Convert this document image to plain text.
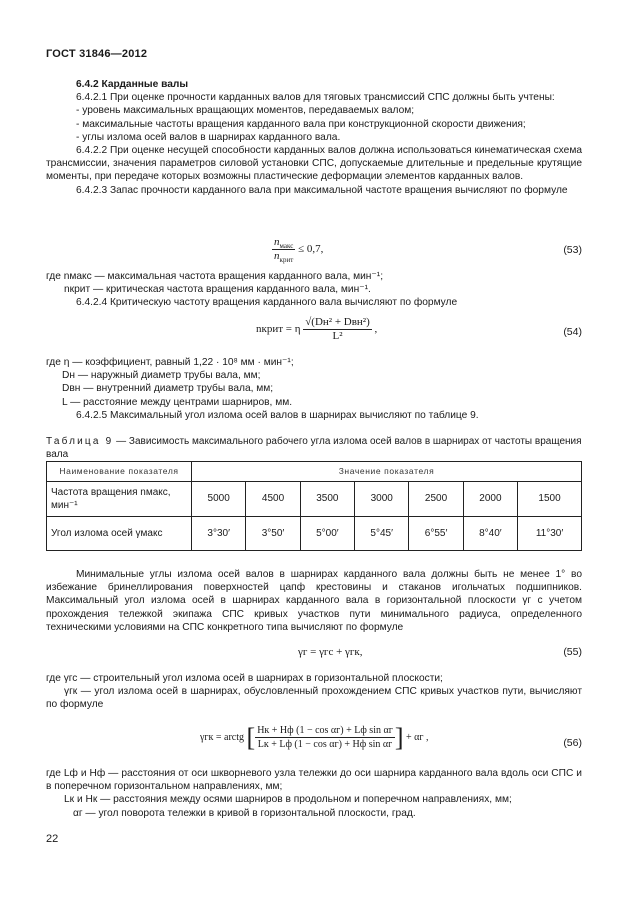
ГОСТ 31846—2012

6.4.2 Карданные валы

6.4.2.1 При оценке прочности карданных валов для тяговых трансмиссий СПС должны быть учтены:

- уровень максимальных вращающих моментов, передаваемых валом;

- максимальные частоты вращения карданного вала при конструкционной скорости движения;

- углы излома осей валов в шарнирах карданного вала.

6.4.2.2 При оценке несущей способности карданных валов должна использоваться кинематическая схема трансмиссии, значения параметров силовой установки СПС, допускаемые длительные и предельные крутящие моменты, при передаче которых возможны пластические деформации элементов карданных валов.

6.4.2.3 Запас прочности карданного вала при максимальной частоте вращения вычисляют по формуле

$\frac{n_{макс}}{n_{крит}} \le 0,7$,	(53)

где nмакс — максимальная частота вращения карданного вала, мин⁻¹;

nкрит — критическая частота вращения карданного вала, мин⁻¹.

6.4.2.4 Критическую частоту вращения карданного вала вычисляют по формуле

nкрит = η $\frac{\text{√(Dн² + Dвн²)}}{\text{L²}}$ ,	(54)

где η — коэффициент, равный 1,22 · 10⁸ мм · мин⁻¹;

Dн — наружный диаметр трубы вала, мм;

Dвн — внутренний диаметр трубы вала, мм;

L — расстояние между центрами шарниров, мм.

6.4.2.5 Максимальный угол излома осей валов в шарнирах вычисляют по таблице 9.

Таблица 9 — Зависимость максимального рабочего угла излома осей валов в шарнирах от частоты вращения вала
Наименование показателя	Значение показателя						
Частота вращения nмакс, мин⁻¹	5000	4500	3500	3000	2500	2000	1500
Угол излома осей γмакс	3°30′	3°50′	5°00′	5°45′	6°55′	8°40′	11°30′

Минимальные углы излома осей валов в шарнирах карданного вала должны быть не менее 1° во избежание бринеллирования поверхностей цапф крестовины и стаканов игольчатых подшипников. Максимальный угол излома осей в шарнирах карданного вала в горизонтальной плоскости γг с учетом прохождения тележкой экипажа СПС кривых участков пути минимального радиуса, определенного техническими условиями на СПС конкретного типа вычисляют по формуле

γг = γгс + γгк,	(55)

где γгс — строительный угол излома осей в шарнирах в горизонтальной плоскости;

γгк — угол излома осей в шарнирах, обусловленный прохождением СПС кривых участков пути, вычисляют по формуле

γгк = arctg [ $\frac{\text{Hк + Hф (1 − cos αг) + Lф sin αг}}{\text{Lк + Lф (1 − cos αг) + Hф sin αг}}$ ] + αг ,	(56)

где Lф и Hф — расстояния от оси шкворневого узла тележки до оси шарнира карданного вала вдоль оси СПС и в поперечном горизонтальном направлениях, мм;

Lк и Hк — расстояния между осями шарниров в продольном и поперечном направлениях, мм;

αг — угол поворота тележки в кривой в горизонтальной плоскости, град.

22
